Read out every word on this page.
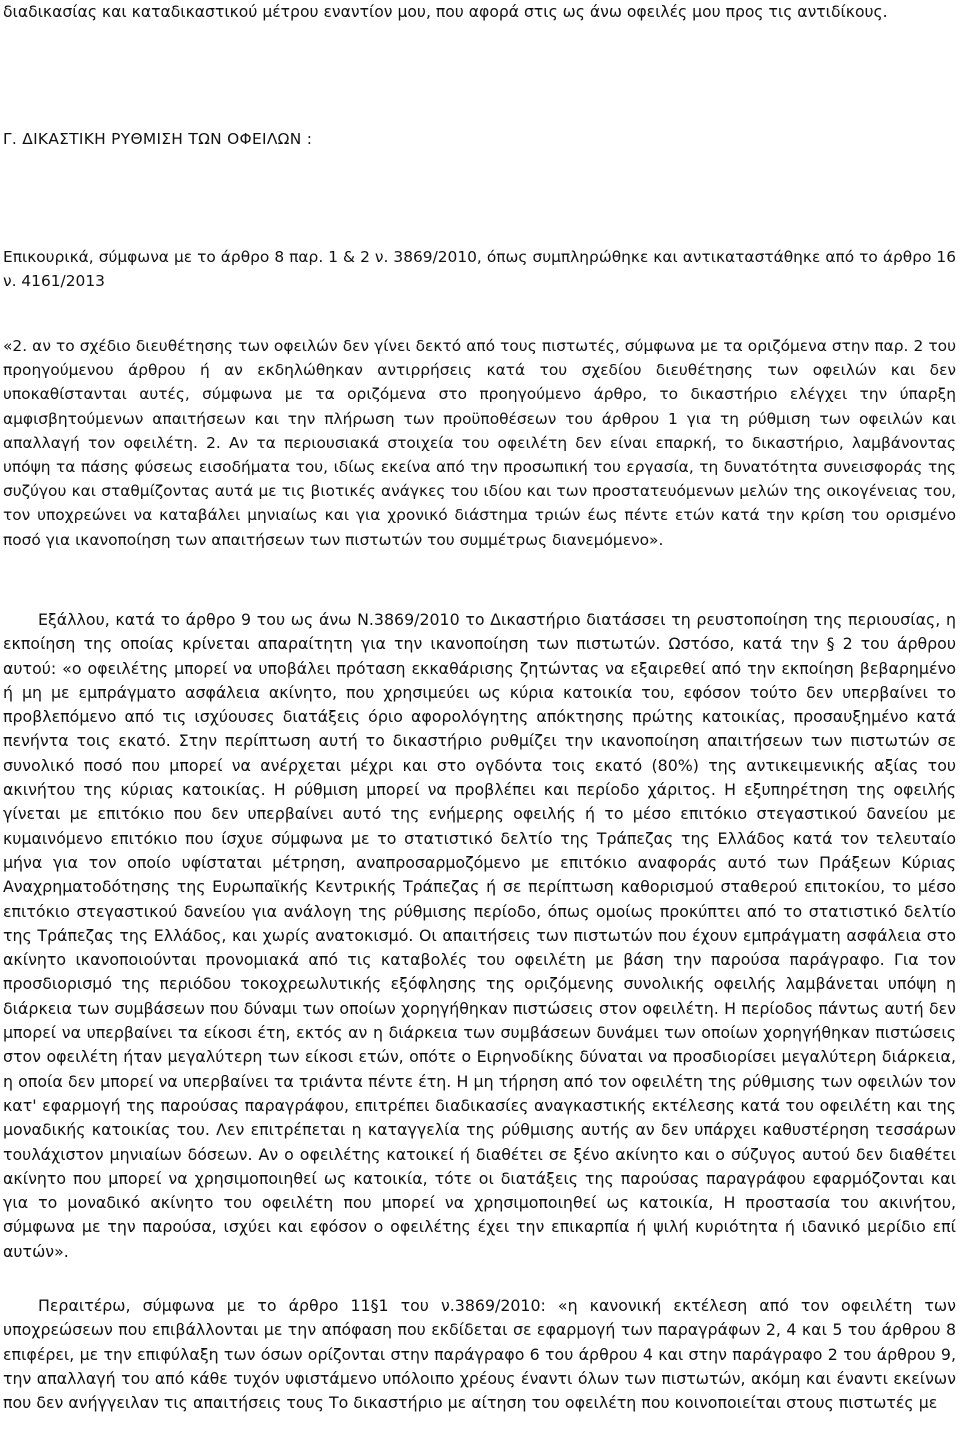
διαδικασίας και καταδικαστικού μέτρου εναντίον μου, που αφορά στις ως άνω οφειλές μου προς τις αντιδίκους.

Γ. ΔΙΚΑΣΤΙΚΗ ΡΥΘΜΙΣΗ ΤΩΝ ΟΦΕΙΛΩΝ :

Επικουρικά, σύμφωνα με το άρθρο 8 παρ. 1 & 2 ν. 3869/2010, όπως συμπληρώθηκε και αντικαταστάθηκε από το άρθρο 16 ν. 4161/2013

«2. αν το σχέδιο διευθέτησης των οφειλών δεν γίνει δεκτό από τους πιστωτές, σύμφωνα με τα οριζόμενα στην παρ. 2 του προηγούμενου άρθρου ή αν εκδηλώθηκαν αντιρρήσεις κατά του σχεδίου διευθέτησης των οφειλών και δεν υποκαθίστανται αυτές, σύμφωνα με τα οριζόμενα στο προηγούμενο άρθρο, το δικαστήριο ελέγχει την ύπαρξη αμφισβητούμενων απαιτήσεων και την πλήρωση των προϋποθέσεων του άρθρου 1 για τη ρύθμιση των οφειλών και απαλλαγή τον οφειλέτη. 2. Αν τα περιουσιακά στοιχεία του οφειλέτη δεν είναι επαρκή, το δικαστήριο, λαμβάνοντας υπόψη τα πάσης φύσεως εισοδήματα του, ιδίως εκείνα από την προσωπική του εργασία, τη δυνατότητα συνεισφοράς της συζύγου και σταθμίζοντας αυτά με τις βιοτικές ανάγκες του ιδίου και των προστατευόμενων μελών της οικογένειας του, τον υποχρεώνει να καταβάλει μηνιαίως και για χρονικό διάστημα τριών έως πέντε ετών κατά την κρίση του ορισμένο ποσό για ικανοποίηση των απαιτήσεων των πιστωτών του συμμέτρως διανεμόμενο».

Εξάλλου, κατά το άρθρο 9 του ως άνω Ν.3869/2010 το Δικαστήριο διατάσσει τη ρευστοποίηση της περιουσίας, η εκποίηση της οποίας κρίνεται απαραίτητη για την ικανοποίηση των πιστωτών. Ωστόσο, κατά την § 2 του άρθρου αυτού: «ο οφειλέτης μπορεί να υποβάλει πρόταση εκκαθάρισης ζητώντας να εξαιρεθεί από την εκποίηση βεβαρημένο ή μη με εμπράγματο ασφάλεια ακίνητο, που χρησιμεύει ως κύρια κατοικία του, εφόσον τούτο δεν υπερβαίνει το προβλεπόμενο από τις ισχύουσες διατάξεις όριο αφορολόγητης απόκτησης πρώτης κατοικίας, προσαυξημένο κατά πενήντα τοις εκατό. Στην περίπτωση αυτή το δικαστήριο ρυθμίζει την ικανοποίηση απαιτήσεων των πιστωτών σε συνολικό ποσό που μπορεί να ανέρχεται μέχρι και στο ογδόντα τοις εκατό (80%) της αντικειμενικής αξίας του ακινήτου της κύριας κατοικίας. Η ρύθμιση μπορεί να προβλέπει και περίοδο χάριτος. Η εξυπηρέτηση της οφειλής γίνεται με επιτόκιο που δεν υπερβαίνει αυτό της ενήμερης οφειλής ή το μέσο επιτόκιο στεγαστικού δανείου με κυμαινόμενο επιτόκιο που ίσχυε σύμφωνα με το στατιστικό δελτίο της Τράπεζας της Ελλάδος κατά τον τελευταίο μήνα για τον οποίο υφίσταται μέτρηση, αναπροσαρμοζόμενο με επιτόκιο αναφοράς αυτό των Πράξεων Κύριας Αναχρηματοδότησης της Ευρωπαϊκής Κεντρικής Τράπεζας ή σε περίπτωση καθορισμού σταθερού επιτοκίου, το μέσο επιτόκιο στεγαστικού δανείου για ανάλογη της ρύθμισης περίοδο, όπως ομοίως προκύπτει από το στατιστικό δελτίο της Τράπεζας της Ελλάδος, και χωρίς ανατοκισμό. Οι απαιτήσεις των πιστωτών που έχουν εμπράγματη ασφάλεια στο ακίνητο ικανοποιούνται προνομιακά από τις καταβολές του οφειλέτη με βάση την παρούσα παράγραφο. Για τον προσδιορισμό της περιόδου τοκοχρεωλυτικής εξόφλησης της οριζόμενης συνολικής οφειλής λαμβάνεται υπόψη η διάρκεια των συμβάσεων που δύναμι των οποίων χορηγήθηκαν πιστώσεις στον οφειλέτη. Η περίοδος πάντως αυτή δεν μπορεί να υπερβαίνει τα είκοσι έτη, εκτός αν η διάρκεια των συμβάσεων δυνάμει των οποίων χορηγήθηκαν πιστώσεις στον οφειλέτη ήταν μεγαλύτερη των είκοσι ετών, οπότε ο Ειρηνοδίκης δύναται να προσδιορίσει μεγαλύτερη διάρκεια, η οποία δεν μπορεί να υπερβαίνει τα τριάντα πέντε έτη. Η μη τήρηση από τον οφειλέτη της ρύθμισης των οφειλών τον κατ' εφαρμογή της παρούσας παραγράφου, επιτρέπει διαδικασίες αναγκαστικής εκτέλεσης κατά του οφειλέτη και της μοναδικής κατοικίας του. Λεν επιτρέπεται η καταγγελία της ρύθμισης αυτής αν δεν υπάρχει καθυστέρηση τεσσάρων τουλάχιστον μηνιαίων δόσεων. Αν ο οφειλέτης κατοικεί ή διαθέτει σε ξένο ακίνητο και ο σύζυγος αυτού δεν διαθέτει ακίνητο που μπορεί να χρησιμοποιηθεί ως κατοικία, τότε οι διατάξεις της παρούσας παραγράφου εφαρμόζονται και για το μοναδικό ακίνητο του οφειλέτη που μπορεί να χρησιμοποιηθεί ως κατοικία, Η προστασία του ακινήτου, σύμφωνα με την παρούσα, ισχύει και εφόσον ο οφειλέτης έχει την επικαρπία ή ψιλή κυριότητα ή ιδανικό μερίδιο επί αυτών».

Περαιτέρω, σύμφωνα με το άρθρο 11§1 του ν.3869/2010: «η κανονική εκτέλεση από τον οφειλέτη των υποχρεώσεων που επιβάλλονται με την απόφαση που εκδίδεται σε εφαρμογή των παραγράφων 2, 4 και 5 του άρθρου 8 επιφέρει, με την επιφύλαξη των όσων ορίζονται στην παράγραφο 6 του άρθρου 4 και στην παράγραφο 2 του άρθρου 9, την απαλλαγή του από κάθε τυχόν υφιστάμενο υπόλοιπο χρέους έναντι όλων των πιστωτών, ακόμη και έναντι εκείνων που δεν ανήγγειλαν τις απαιτήσεις τους Το δικαστήριο με αίτηση του οφειλέτη που κοινοποιείται στους πιστωτές με
